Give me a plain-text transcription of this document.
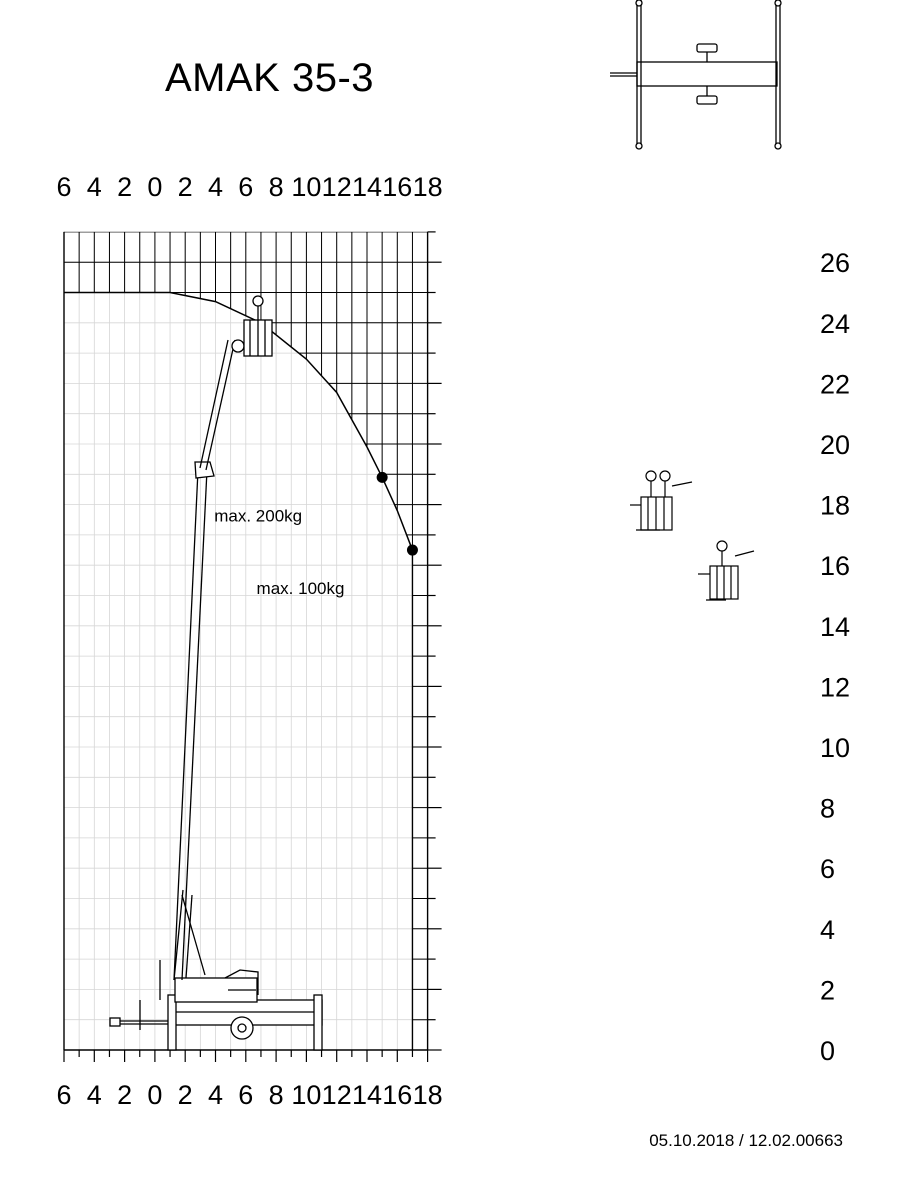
AMAK 35-3
05.10.2018 / 12.02.00663
6 4 2 0 2 4 6 8 10 12 14 16 18
6 4 2 0 2 4 6 8 10 12 14 16 18
0
2
4
6
8
10
12
14
16
18
20
22
24
26
max. 200kg
max. 100kg
